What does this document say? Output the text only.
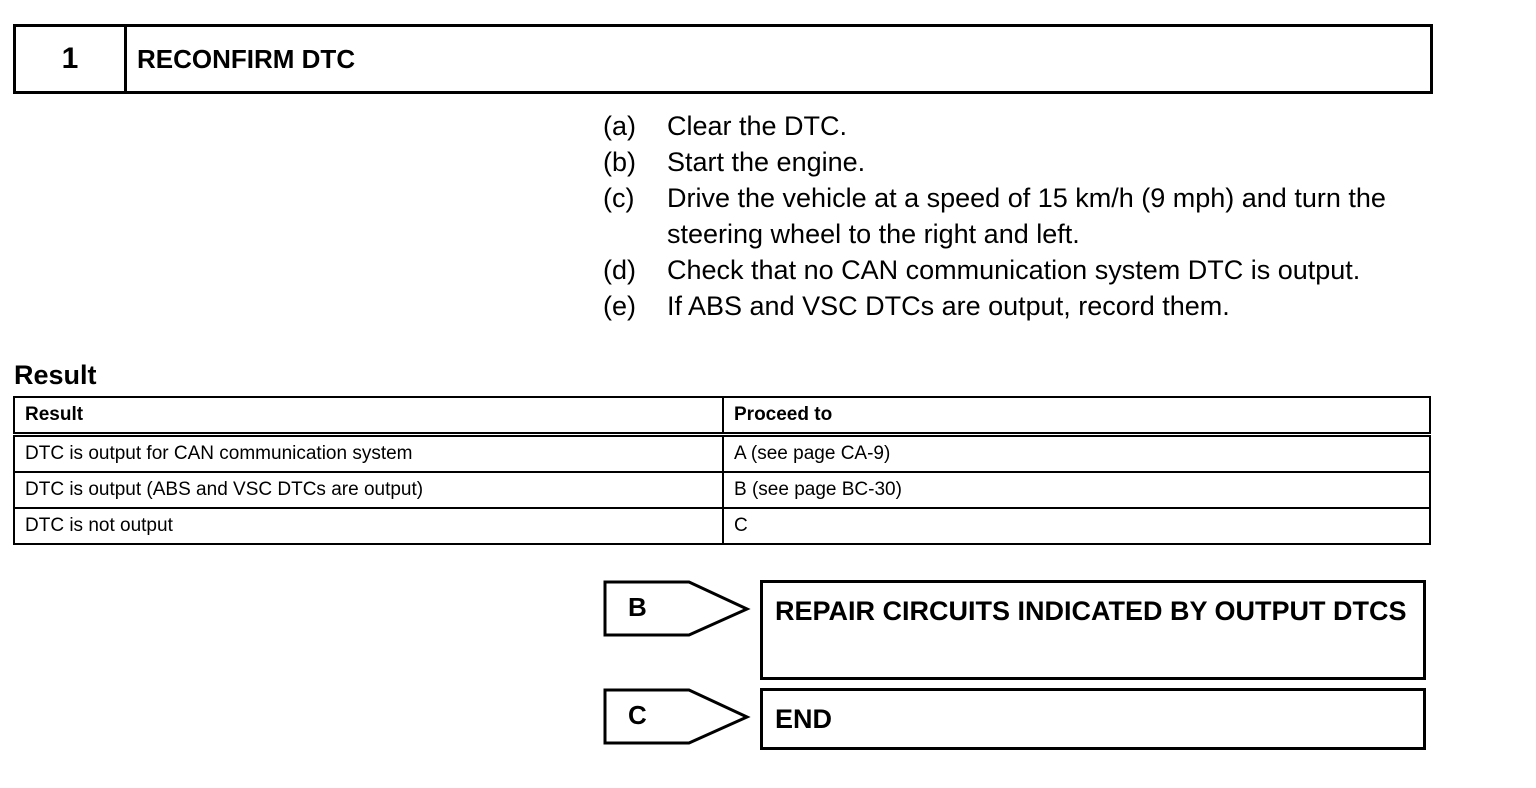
1	RECONFIRM DTC
(a)	Clear the DTC.
(b)	Start the engine.
(c)	Drive the vehicle at a speed of 15 km/h (9 mph) and turn the steering wheel to the right and left.
(d)	Check that no CAN communication system DTC is output.
(e)	If ABS and VSC DTCs are output, record them.
Result
Result	Proceed to
DTC is output for CAN communication system	A (see page CA-9)
DTC is output (ABS and VSC DTCs are output)	B (see page BC-30)
DTC is not output	C
B	REPAIR CIRCUITS INDICATED BY OUTPUT DTCS
C	END
